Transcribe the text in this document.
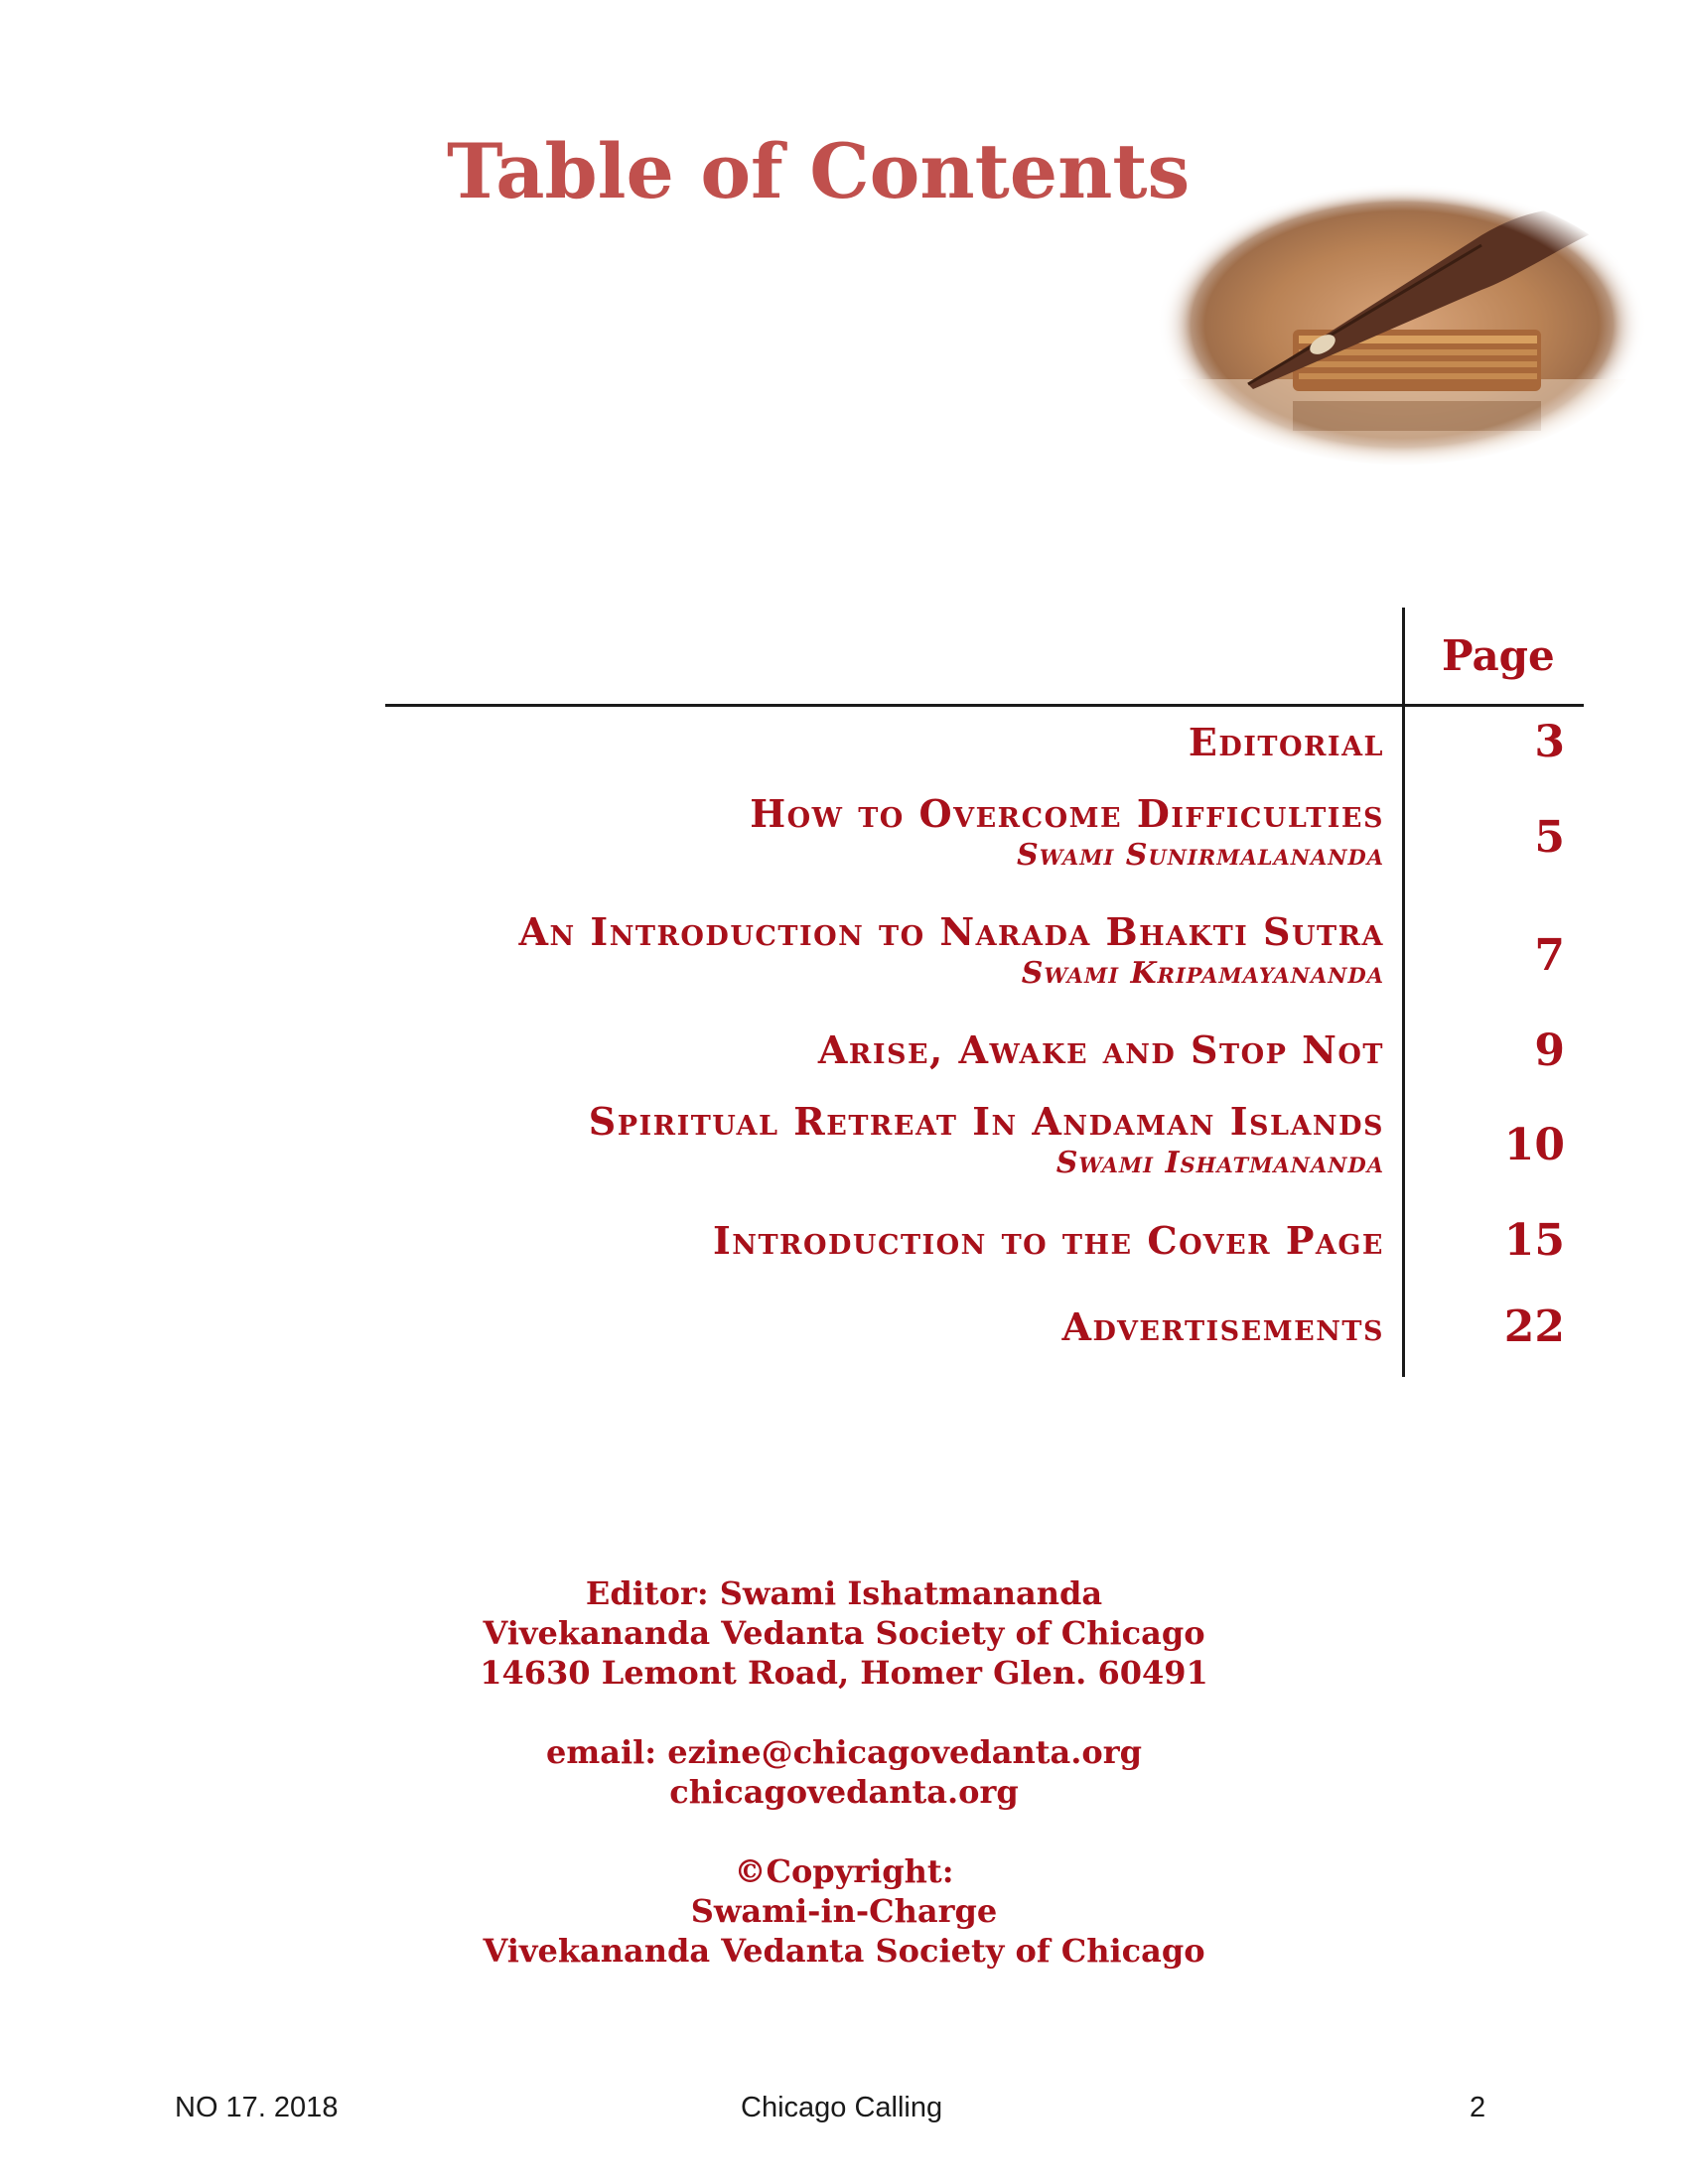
Table of Contents
Page
Editorial	3
How to Overcome Difficulties
Swami Sunirmalananda	5
An Introduction to Narada Bhakti Sutra
Swami Kripamayananda	7
Arise, Awake and Stop Not	9
Spiritual Retreat In Andaman Islands
Swami Ishatmananda	10
Introduction to the Cover Page	15
Advertisements	22
Editor: Swami Ishatmananda
Vivekananda Vedanta Society of Chicago
14630 Lemont Road, Homer Glen. 60491
email: ezine@chicagovedanta.org
chicagovedanta.org
©Copyright:
Swami-in-Charge
Vivekananda Vedanta Society of Chicago
NO 17. 2018	Chicago Calling	2
